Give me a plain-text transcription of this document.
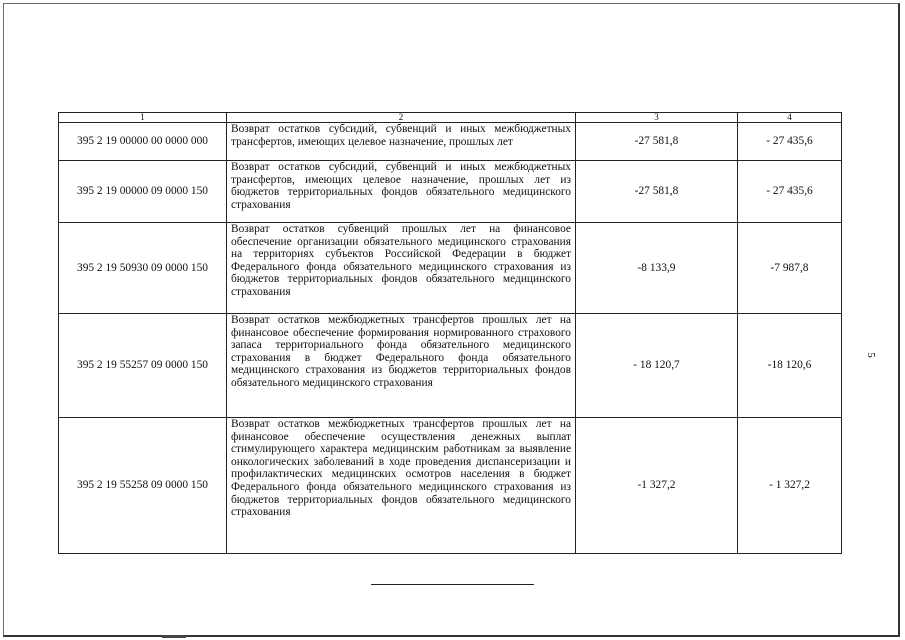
1	2	3	4
395 2 19 00000 00 0000 000	Возврат остатков субсидий, субвенций и иных межбюджетных трансфертов, имеющих целевое назначение, прошлых лет	-27 581,8	- 27 435,6
395 2 19 00000 09 0000 150	Возврат остатков субсидий, субвенций и иных межбюджетных трансфертов, имеющих целевое назначение, прошлых лет из бюджетов территориальных фондов обязательного медицинского страхования	-27 581,8	- 27 435,6
395 2 19 50930 09 0000 150	Возврат остатков субвенций прошлых лет на финансовое обеспечение организации обязательного медицинского страхования на территориях субъектов Российской Федерации в бюджет Федерального фонда обязательного медицинского страхования из бюджетов территориальных фондов обязательного медицинского страхования	-8 133,9	-7 987,8
395 2 19 55257 09 0000 150	Возврат остатков межбюджетных трансфертов прошлых лет на финансовое обеспечение формирования нормированного страхового запаса территориального фонда обязательного медицинского страхования в бюджет Федерального фонда обязательного медицинского страхования из бюджетов территориальных фондов обязательного медицинского страхования	- 18 120,7	-18 120,6
395 2 19 55258 09 0000 150	Возврат остатков межбюджетных трансфертов прошлых лет на финансовое обеспечение осуществления денежных выплат стимулирующего характера медицинским работникам за выявление онкологических заболеваний в ходе проведения диспансеризации и профилактических медицинских осмотров населения в бюджет Федерального фонда обязательного медицинского страхования из бюджетов территориальных фондов обязательного медицинского страхования	-1 327,2	- 1 327,2
5
